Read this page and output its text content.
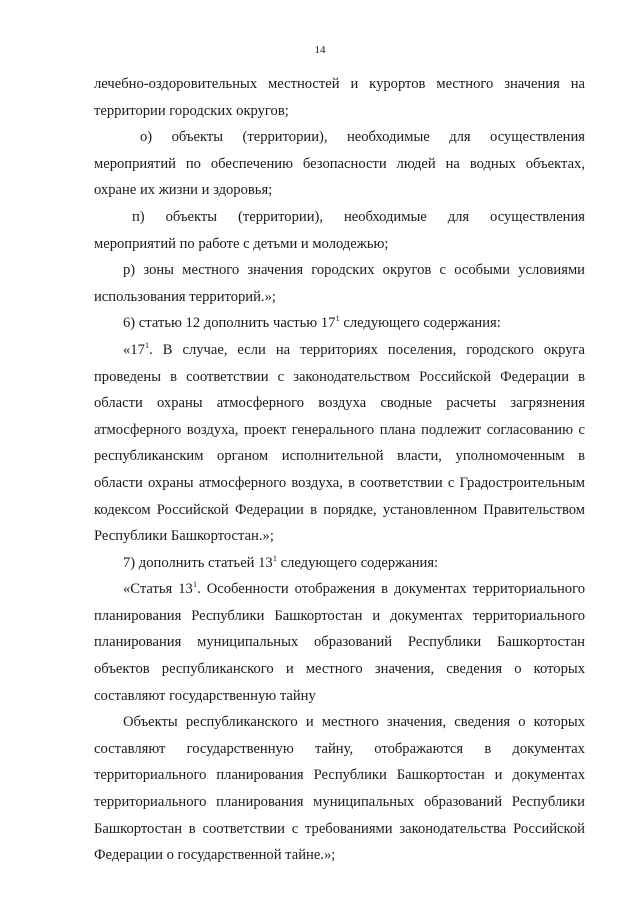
14
лечебно-оздоровительных местностей и курортов местного значения на
территории городских округов;
о) объекты (территории), необходимые для осуществления
мероприятий по обеспечению безопасности людей на водных объектах,
охране их жизни и здоровья;
п) объекты (территории), необходимые для осуществления
мероприятий по работе с детьми и молодежью;
р) зоны местного значения городских округов с особыми условиями
использования территорий.»;
6) статью 12 дополнить частью $17^1$ следующего содержания:
«$17^1$. В случае, если на территориях поселения, городского округа
проведены в соответствии с законодательством Российской Федерации в
области охраны атмосферного воздуха сводные расчеты загрязнения
атмосферного воздуха, проект генерального плана подлежит согласованию с
республиканским органом исполнительной власти, уполномоченным в
области охраны атмосферного воздуха, в соответствии с Градостроительным
кодексом Российской Федерации в порядке, установленном Правительством
Республики Башкортостан.»;
7) дополнить статьей $13^1$ следующего содержания:
«Статья $13^1$. Особенности отображения в документах территориального
планирования Республики Башкортостан и документах территориального
планирования муниципальных образований Республики Башкортостан
объектов республиканского и местного значения, сведения о которых
составляют государственную тайну
Объекты республиканского и местного значения, сведения о которых
составляют государственную тайну, отображаются в документах
территориального планирования Республики Башкортостан и документах
территориального планирования муниципальных образований Республики
Башкортостан в соответствии с требованиями законодательства Российской
Федерации о государственной тайне.»;
